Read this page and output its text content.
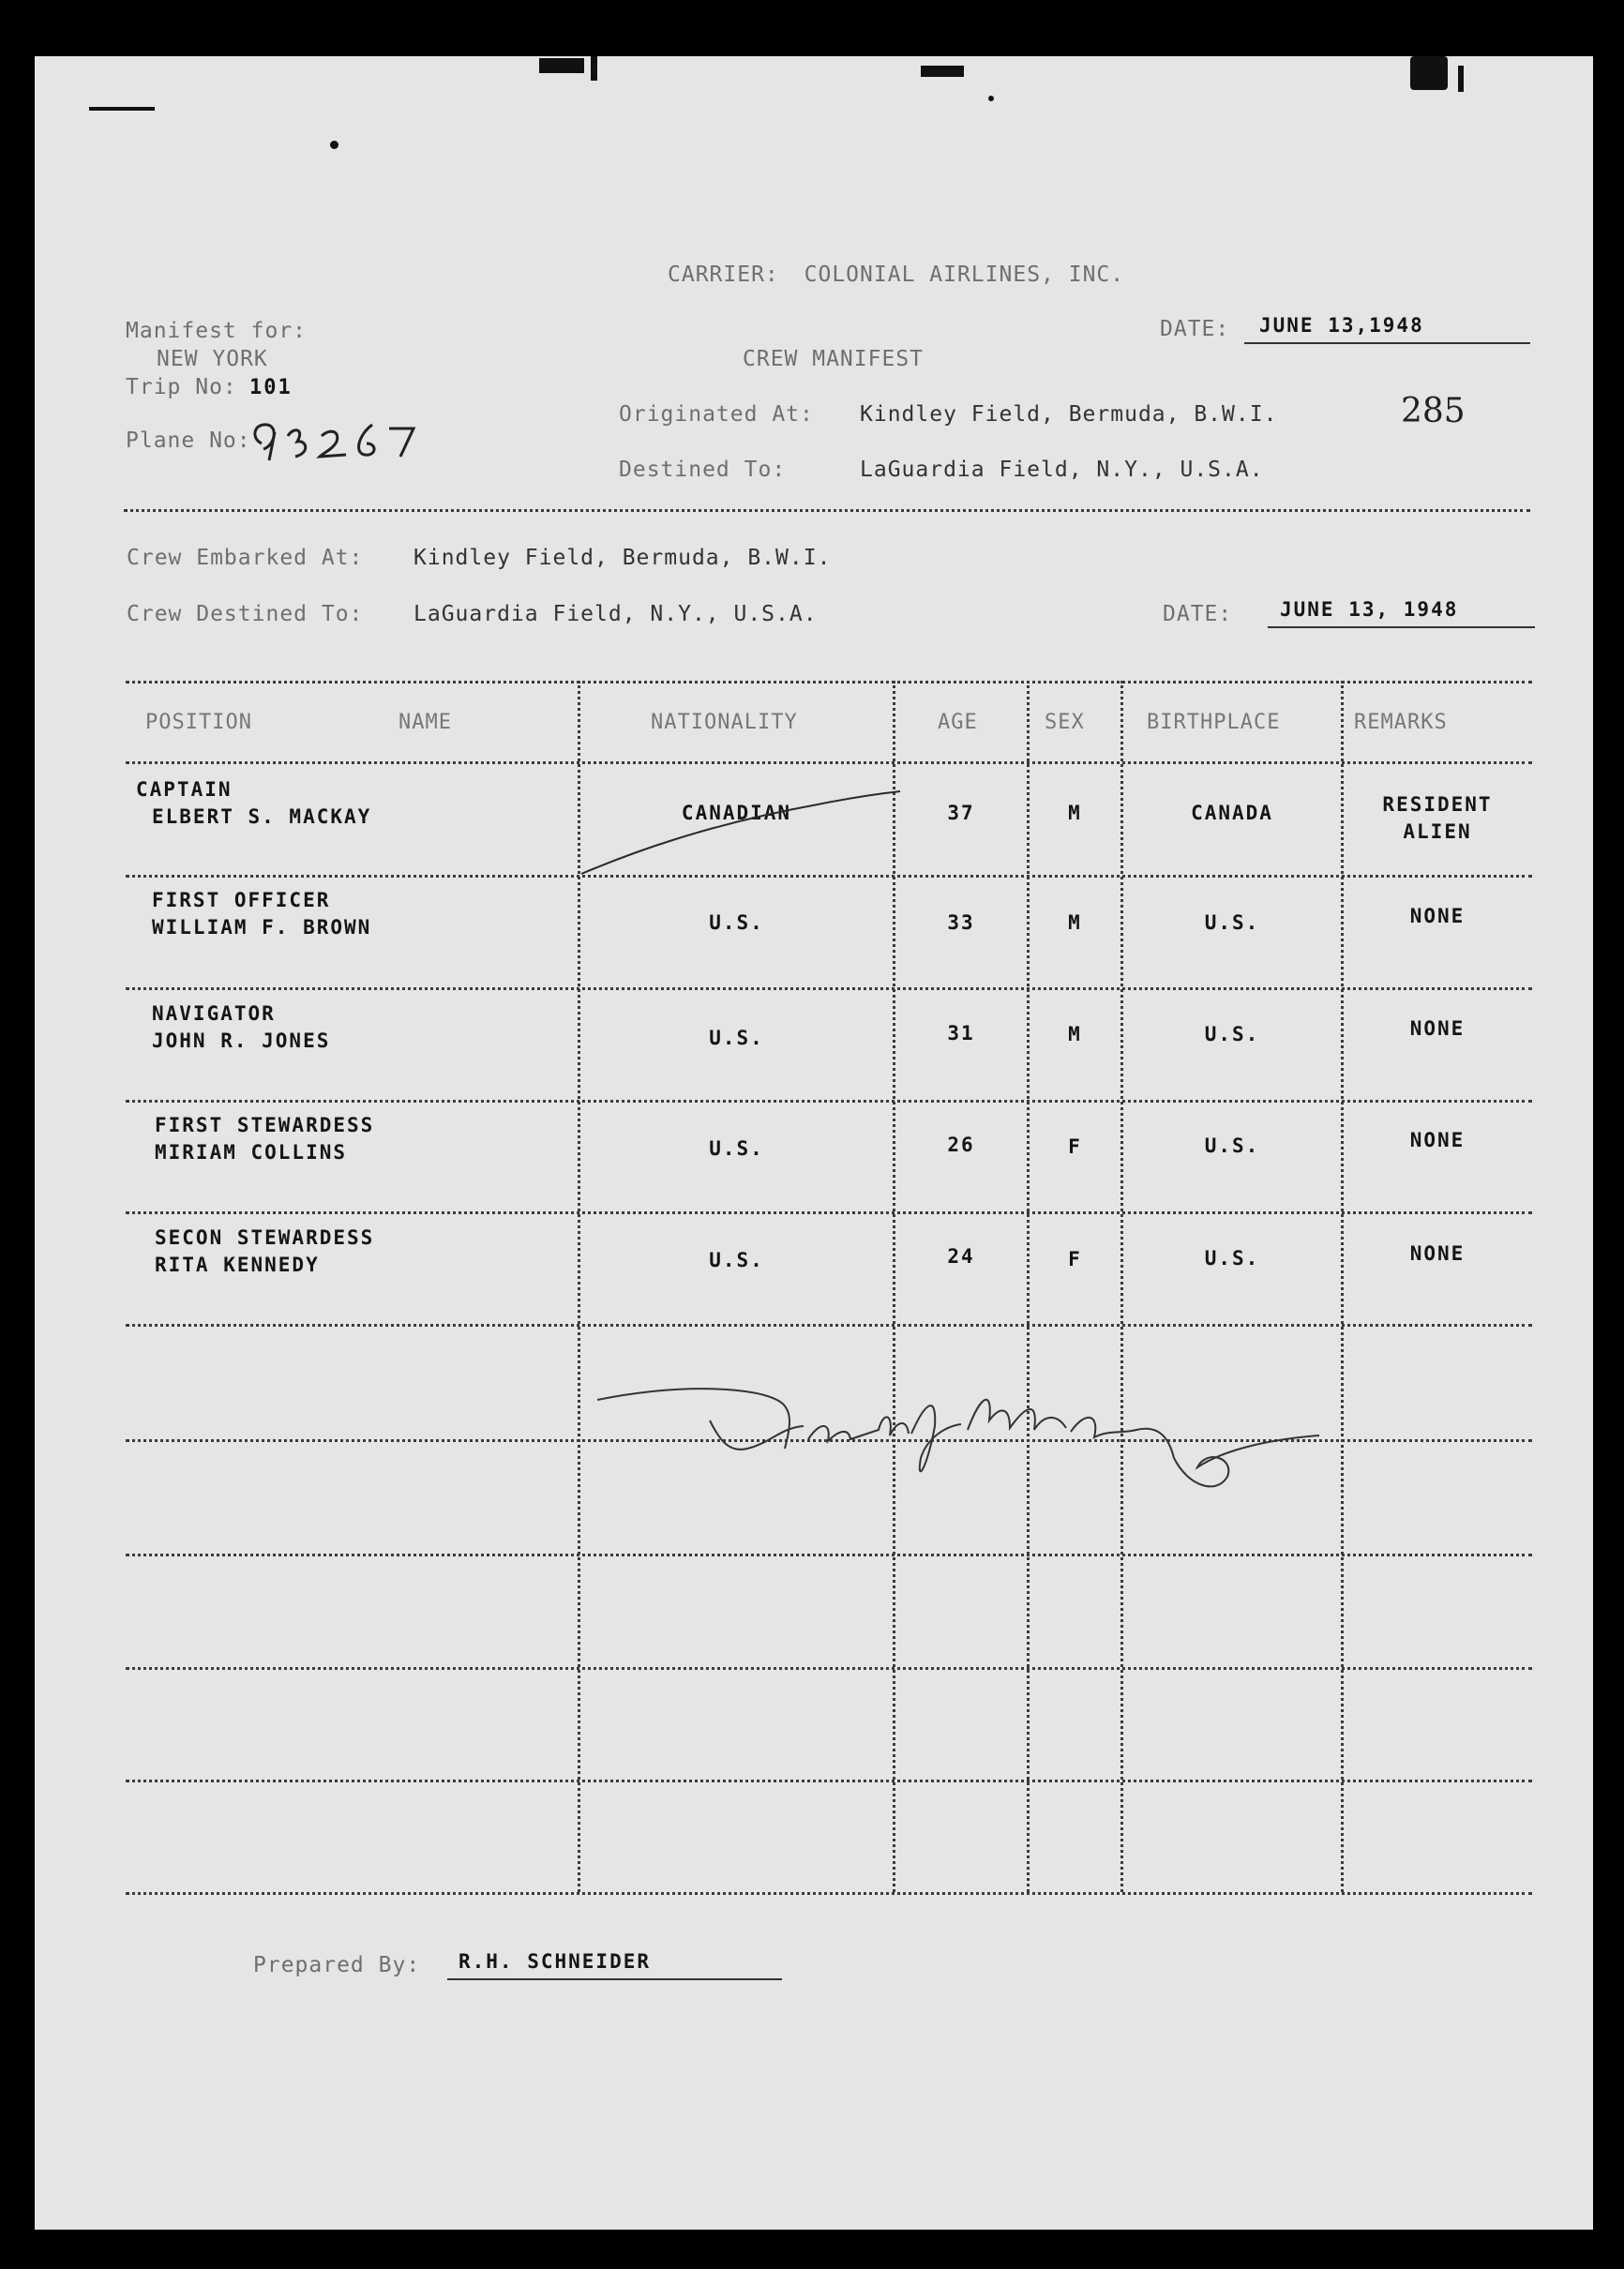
CARRIER: COLONIAL AIRLINES, INC.
Manifest for:
NEW YORK
Trip No: 101
Plane No:
DATE: JUNE 13,1948
CREW MANIFEST
Originated At: Kindley Field, Bermuda, B.W.I.	285
Destined To:	LaGuardia Field, N.Y., U.S.A.
Crew Embarked At: Kindley Field, Bermuda, B.W.I.
Crew Destined To: LaGuardia Field, N.Y., U.S.A.	DATE: JUNE 13, 1948
POSITION	NAME	NATIONALITY	AGE	SEX	BIRTHPLACE	REMARKS
CAPTAIN
ELBERT S. MACKAY	CANADIAN	37	M	CANADA	RESIDENT
ALIEN
FIRST OFFICER
WILLIAM F. BROWN	U.S.	33	M	U.S.	NONE
NAVIGATOR
JOHN R. JONES	U.S.	31	M	U.S.	NONE
FIRST STEWARDESS
MIRIAM COLLINS	U.S.	26	F	U.S.	NONE
SECON STEWARDESS
RITA KENNEDY	U.S.	24	F	U.S.	NONE
Prepared By: R.H. SCHNEIDER
